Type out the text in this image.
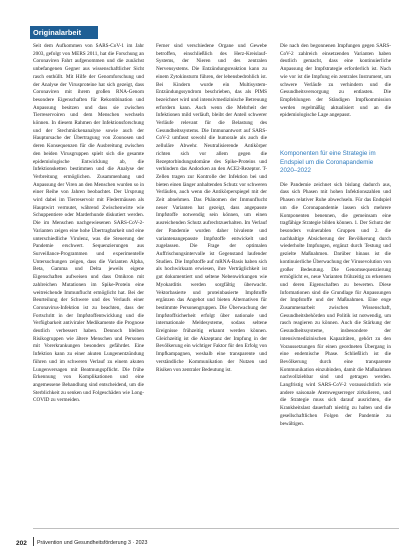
Originalarbeit

Seit dem Aufkommen von SARS-CoV-1 im Jahr 2003, gefolgt von MERS 2011, hat die Forschung an Coronaviren Fahrt aufgenommen und die zunächst unbefangenen Gegner aus wissenschaftlicher Sicht rasch enthüllt. Mit Hilfe der Genomforschung und der Analyse der Virusproteine hat sich gezeigt, dass Coronaviren mit ihrem großen RNA-Genom besondere Eigenschaften für Rekombination und Anpassung besitzen und dass sie zwischen Tierreservoiren und dem Menschen wechseln können. In diesem Rahmen der Infektionsforschung und der Stechmückenanalyse sowie auch der Hauptursache der Übertragung von Zoonosen und deren Konsequenzen für die Ausbreitung zwischen den beiden Virusgruppen spielt sich die gesamte epidemiologische Entwicklung ab, die Infektionsketten bestimmen und die Analyse der Verbreitung ermöglichen. Zusammenhang und Anpassung der Viren an den Menschen wurden so in einer Reihe von Jahren beobachtet. Der Ursprung wird dabei im Tierreservoir mit Fledermäusen als Hauptwirt vermutet, während Zwischenwirte wie Schuppentiere oder Marderhunde diskutiert werden. Die im Menschen nachgewiesenen SARS-CoV-2-Varianten zeigen eine hohe Übertragbarkeit und eine unterschiedliche Virulenz, was die Steuerung der Pandemie erschwert. Sequenzierungen aus Surveillance-Programmen und experimentelle Untersuchungen zeigen, dass die Varianten Alpha, Beta, Gamma und Delta jeweils eigene Eigenschaften aufweisen und dass Omikron mit zahlreichen Mutationen im Spike-Protein eine weitreichende Immunflucht ermöglicht hat. Bei der Beurteilung der Schwere und des Verlaufs einer Coronavirus-Infektion ist zu beachten, dass der Fortschritt in der Impfstoffentwicklung und die Verfügbarkeit antiviraler Medikamente die Prognose deutlich verbessert haben. Dennoch bleiben Risikogruppen wie ältere Menschen und Personen mit Vorerkrankungen besonders gefährdet. Eine Infektion kann zu einer akuten Lungenentzündung führen und im schweren Verlauf zu einem akuten Lungenversagen mit Beatmungspflicht. Die frühe Erkennung von Komplikationen und eine angemessene Behandlung sind entscheidend, um die Sterblichkeit zu senken und Folgeschäden wie Long-COVID zu vermeiden.

Ferner sind verschiedene Organe und Gewebe betroffen, einschließlich des Herz-Kreislauf-Systems, der Nieren und des zentralen Nervensystems. Die Entzündungsreaktion kann zu einem Zytokinsturm führen, der lebensbedrohlich ist. Bei Kindern wurde ein Multisystem-Entzündungssyndrom beschrieben, das als PIMS bezeichnet wird und intensivmedizinische Betreuung erfordern kann. Auch wenn die Mehrheit der Infektionen mild verläuft, bleibt der Anteil schwerer Verläufe relevant für die Belastung des Gesundheitssystems. Die Immunantwort auf SARS-CoV-2 umfasst sowohl die humorale als auch die zelluläre Abwehr. Neutralisierende Antikörper richten sich vor allem gegen die Rezeptorbindungsdomäne des Spike-Proteins und verhindern das Andocken an den ACE2-Rezeptor. T-Zellen tragen zur Kontrolle der Infektion bei und bieten einen länger anhaltenden Schutz vor schweren Verläufen, auch wenn die Antikörperspiegel mit der Zeit abnehmen. Das Phänomen der Immunflucht neuer Varianten hat gezeigt, dass angepasste Impfstoffe notwendig sein können, um einen ausreichenden Schutz aufrechtzuerhalten. Im Verlauf der Pandemie wurden daher bivalente und variantenangepasste Impfstoffe entwickelt und zugelassen. Die Frage der optimalen Auffrischungsintervalle ist Gegenstand laufender Studien. Die Impfstoffe auf mRNA-Basis haben sich als hochwirksam erwiesen, ihre Verträglichkeit ist gut dokumentiert und seltene Nebenwirkungen wie Myokarditis werden sorgfältig überwacht. Vektorbasierte und proteinbasierte Impfstoffe ergänzen das Angebot und bieten Alternativen für bestimmte Personengruppen. Die Überwachung der Impfstoffsicherheit erfolgt über nationale und internationale Meldesysteme, sodass seltene Ereignisse frühzeitig erkannt werden können. Gleichzeitig ist die Akzeptanz der Impfung in der Bevölkerung ein wichtiger Faktor für den Erfolg von Impfkampagnen, weshalb eine transparente und verständliche Kommunikation der Nutzen und Risiken von zentraler Bedeutung ist.

Die nach den begonnenen Impfungen gegen SARS-CoV-2 zahlreich einsetzenden Varianten haben deutlich gemacht, dass eine kontinuierliche Anpassung der Impfstrategie erforderlich ist. Nach wie vor ist die Impfung ein zentrales Instrument, um schwere Verläufe zu verhindern und die Gesundheitsversorgung zu entlasten. Die Empfehlungen der Ständigen Impfkommission werden regelmäßig aktualisiert und an die epidemiologische Lage angepasst.

Komponenten für eine Strategie im Endspiel um die Coronapandemie 2020–2022

Die Pandemie zeichnet sich bislang dadurch aus, dass sich Phasen mit hohen Infektionszahlen und Phasen relativer Ruhe abwechseln. Für das Endspiel um die Coronapandemie lassen sich mehrere Komponenten benennen, die gemeinsam eine tragfähige Strategie bilden können. 1. Der Schutz der besonders vulnerablen Gruppen und 2. die nachhaltige Absicherung der Bevölkerung durch wiederholte Impfungen, ergänzt durch Testung und gezielte Maßnahmen. Darüber hinaus ist die kontinuierliche Überwachung der Virusevolution von großer Bedeutung. Die Genomsequenzierung ermöglicht es, neue Varianten frühzeitig zu erkennen und deren Eigenschaften zu bewerten. Diese Informationen sind die Grundlage für Anpassungen der Impfstoffe und der Maßnahmen. Eine enge Zusammenarbeit zwischen Wissenschaft, Gesundheitsbehörden und Politik ist notwendig, um rasch reagieren zu können. Auch die Stärkung der Gesundheitssysteme, insbesondere der intensivmedizinischen Kapazitäten, gehört zu den Voraussetzungen für einen geordneten Übergang in eine endemische Phase. Schließlich ist die Bevölkerung durch eine transparente Kommunikation einzubinden, damit die Maßnahmen nachvollziehbar sind und getragen werden. Langfristig wird SARS-CoV-2 voraussichtlich wie andere saisonale Atemwegserreger zirkulieren, und die Strategie muss sich darauf ausrichten, die Krankheitslast dauerhaft niedrig zu halten und die gesellschaftlichen Folgen der Pandemie zu bewältigen.

202 Prävention und Gesundheitsförderung 3 · 2023
